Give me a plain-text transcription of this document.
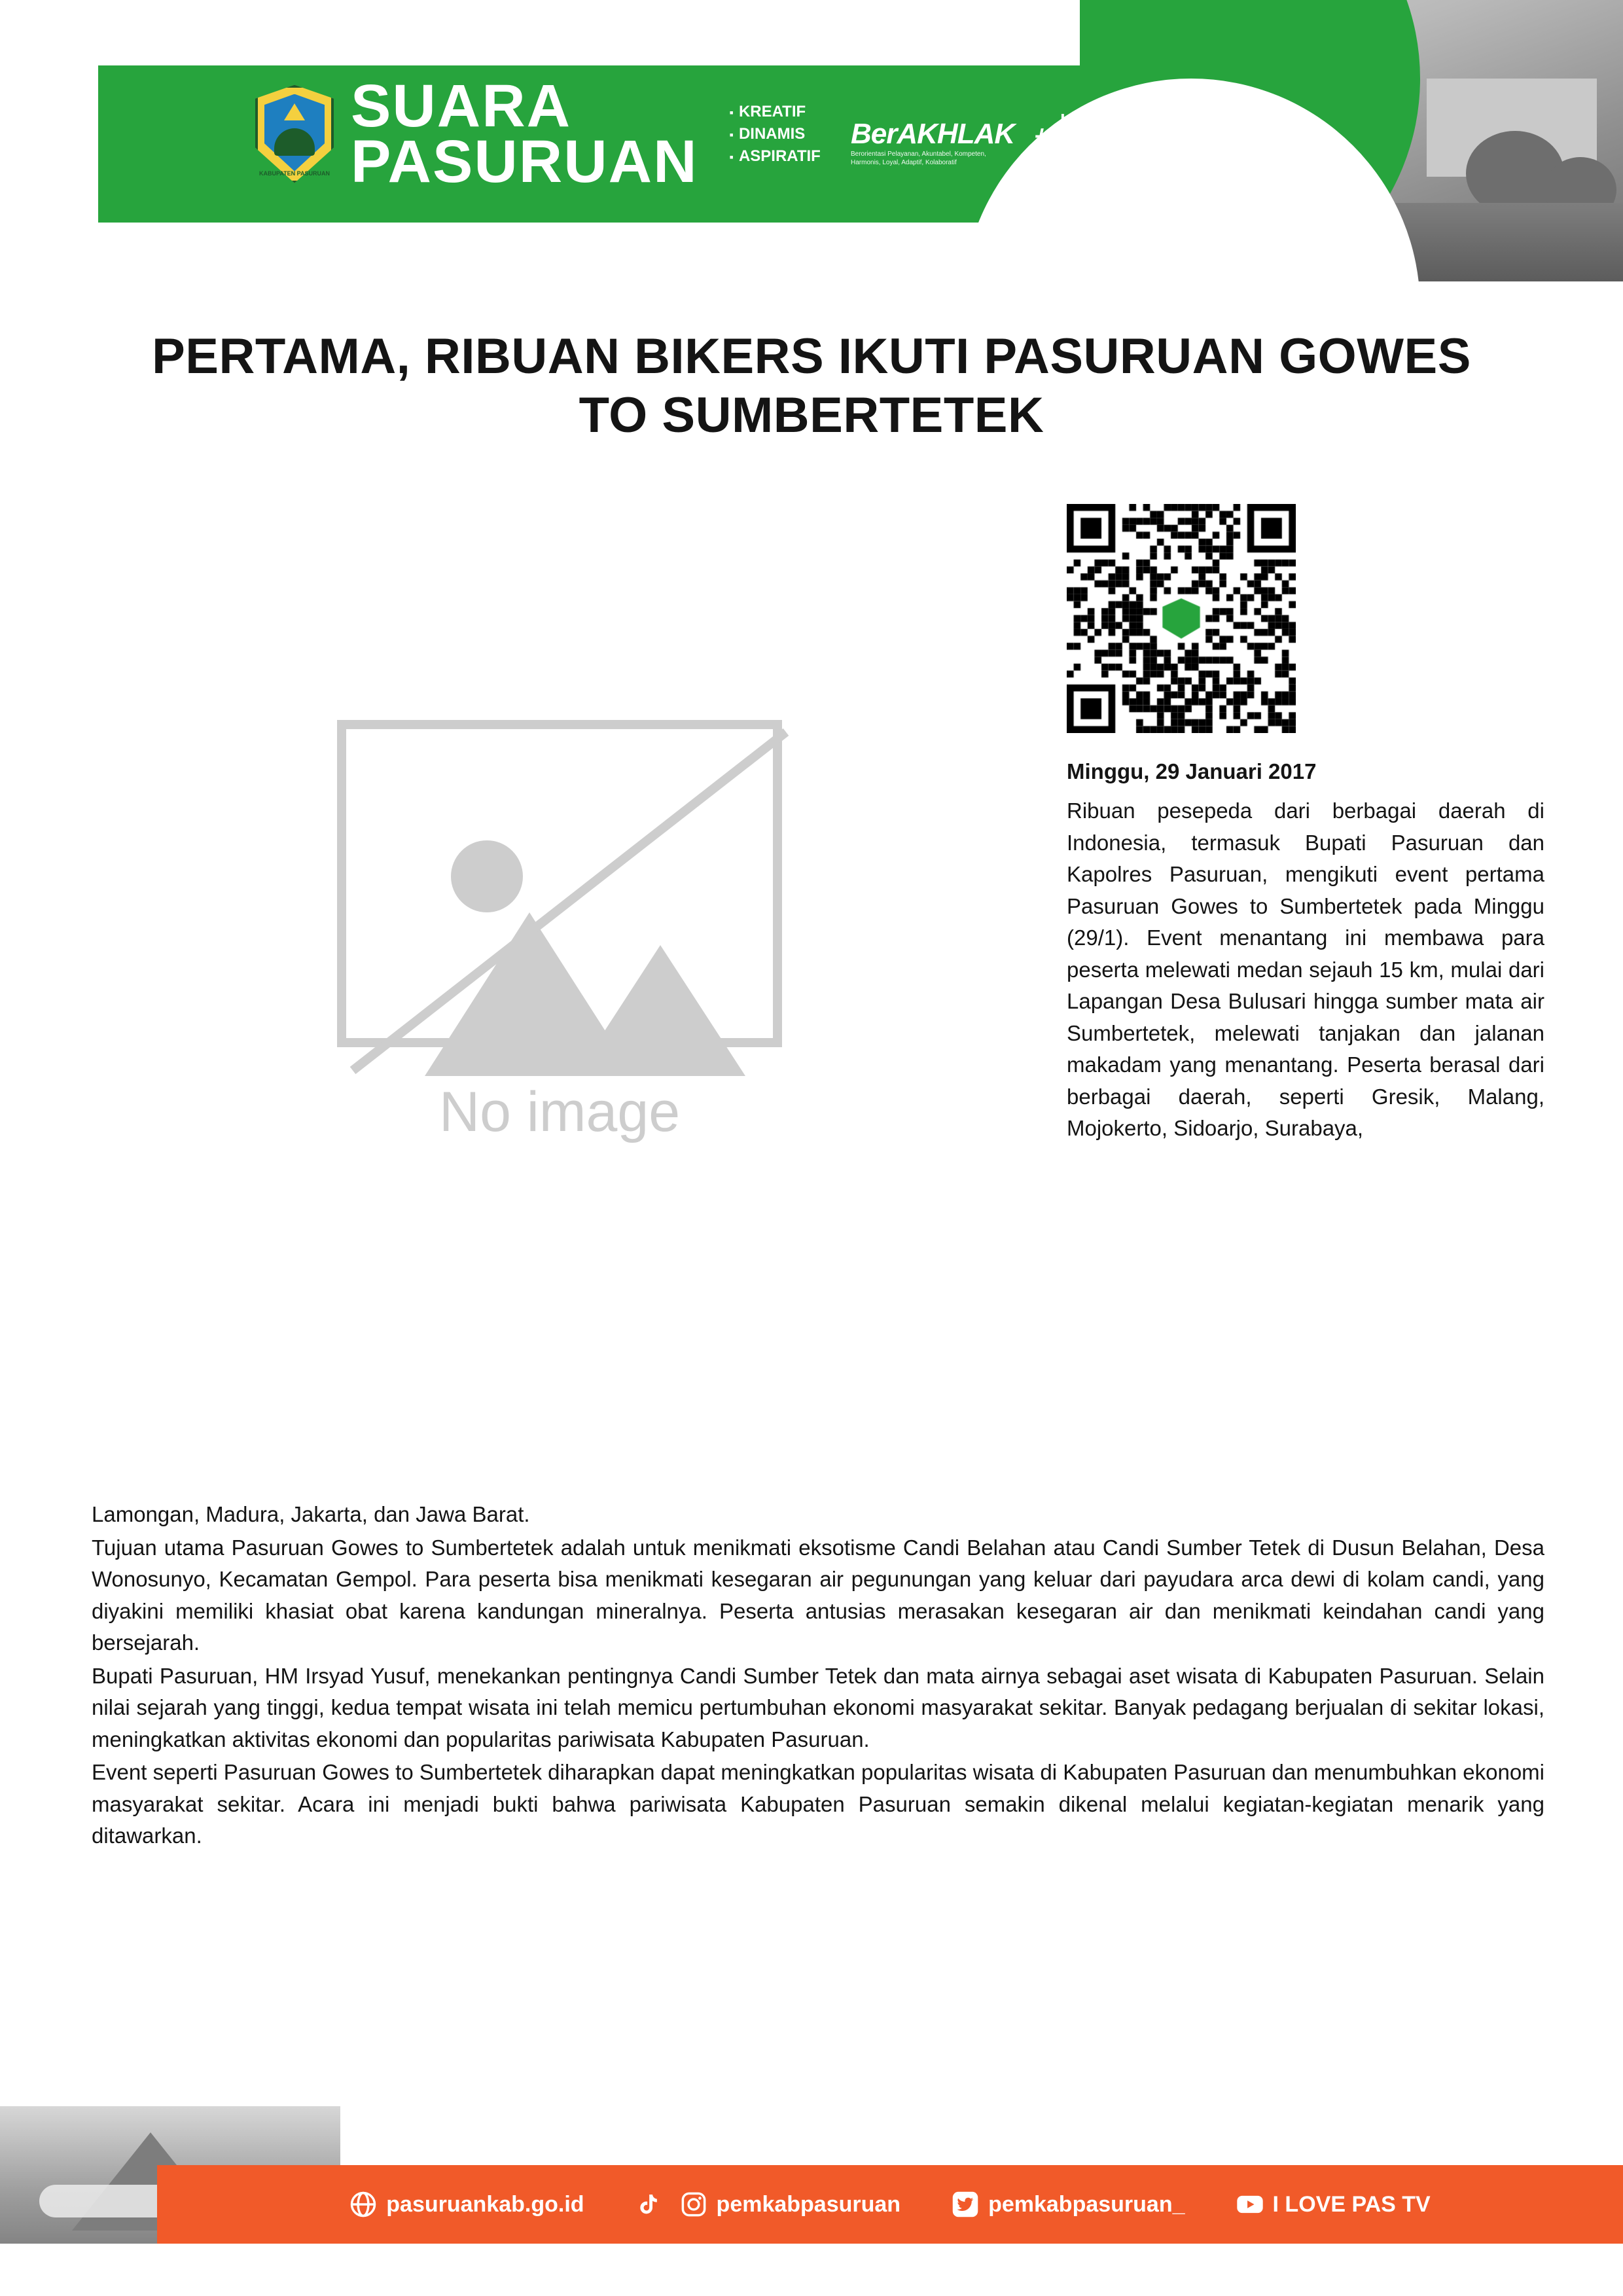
KABUPATEN PASURUAN
SUARA
PASURUAN
▪ KREATIF
▪ DINAMIS
▪ ASPIRATIF
BerAKHLAK
Berorientasi Pelayanan, Akuntabel, Kompeten, Harmonis, Loyal, Adaptif, Kolaboratif
# bangga
melayani
bangsa
PERTAMA, RIBUAN BIKERS IKUTI PASURUAN GOWES TO SUMBERTETEK
No image
Minggu, 29 Januari 2017
Ribuan pesepeda dari berbagai daerah di Indonesia, termasuk Bupati Pasuruan dan Kapolres Pasuruan, mengikuti event pertama Pasuruan Gowes to Sumbertetek pada Minggu (29/1). Event menantang ini membawa para peserta melewati medan sejauh 15 km, mulai dari Lapangan Desa Bulusari hingga sumber mata air Sumbertetek, melewati tanjakan dan jalanan makadam yang menantang. Peserta berasal dari berbagai daerah, seperti Gresik, Malang, Mojokerto, Sidoarjo, Surabaya,

Lamongan, Madura, Jakarta, dan Jawa Barat.

Tujuan utama Pasuruan Gowes to Sumbertetek adalah untuk menikmati eksotisme Candi Belahan atau Candi Sumber Tetek di Dusun Belahan, Desa Wonosunyo, Kecamatan Gempol. Para peserta bisa menikmati kesegaran air pegunungan yang keluar dari payudara arca dewi di kolam candi, yang diyakini memiliki khasiat obat karena kandungan mineralnya. Peserta antusias merasakan kesegaran air dan menikmati keindahan candi yang bersejarah.

Bupati Pasuruan, HM Irsyad Yusuf, menekankan pentingnya Candi Sumber Tetek dan mata airnya sebagai aset wisata di Kabupaten Pasuruan. Selain nilai sejarah yang tinggi, kedua tempat wisata ini telah memicu pertumbuhan ekonomi masyarakat sekitar. Banyak pedagang berjualan di sekitar lokasi, meningkatkan aktivitas ekonomi dan popularitas pariwisata Kabupaten Pasuruan.

Event seperti Pasuruan Gowes to Sumbertetek diharapkan dapat meningkatkan popularitas wisata di Kabupaten Pasuruan dan menumbuhkan ekonomi masyarakat sekitar. Acara ini menjadi bukti bahwa pariwisata Kabupaten Pasuruan semakin dikenal melalui kegiatan-kegiatan menarik yang ditawarkan.

pasuruankab.go.id	pemkabpasuruan	pemkabpasuruan_	I LOVE PAS TV
